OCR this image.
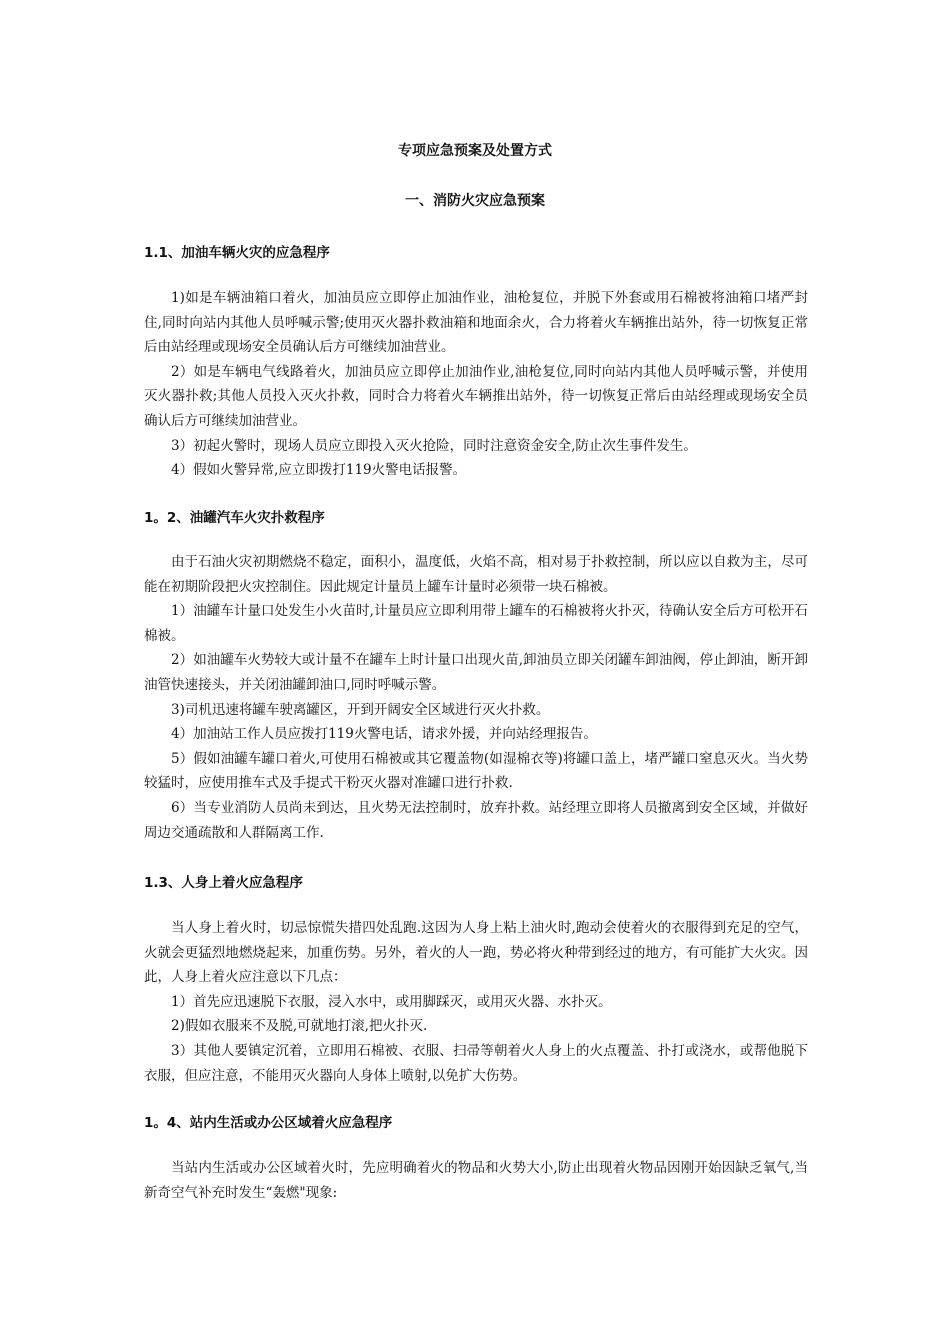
专项应急预案及处置方式
一、消防火灾应急预案
1.1、加油车辆火灾的应急程序

1)如是车辆油箱口着火，加油员应立即停止加油作业，油枪复位，并脱下外套或用石棉被将油箱口堵严封住,同时向站内其他人员呼喊示警;使用灭火器扑救油箱和地面余火，合力将着火车辆推出站外，待一切恢复正常后由站经理或现场安全员确认后方可继续加油营业。

2）如是车辆电气线路着火，加油员应立即停止加油作业,油枪复位,同时向站内其他人员呼喊示警，并使用灭火器扑救;其他人员投入灭火扑救，同时合力将着火车辆推出站外，待一切恢复正常后由站经理或现场安全员确认后方可继续加油营业。

3）初起火警时，现场人员应立即投入灭火抢险，同时注意资金安全,防止次生事件发生。

4）假如火警异常,应立即拨打119火警电话报警。

1。2、油罐汽车火灾扑救程序

由于石油火灾初期燃烧不稳定，面积小，温度低，火焰不高，相对易于扑救控制，所以应以自救为主，尽可能在初期阶段把火灾控制住。因此规定计量员上罐车计量时必须带一块石棉被。

1）油罐车计量口处发生小火苗时,计量员应立即利用带上罐车的石棉被将火扑灭，待确认安全后方可松开石棉被。

2）如油罐车火势较大或计量不在罐车上时计量口出现火苗,卸油员立即关闭罐车卸油阀，停止卸油，断开卸油管快速接头，并关闭油罐卸油口,同时呼喊示警。

3)司机迅速将罐车驶离罐区，开到开阔安全区域进行灭火扑救。

4）加油站工作人员应拨打119火警电话，请求外援，并向站经理报告。

5）假如油罐车罐口着火,可使用石棉被或其它覆盖物(如湿棉衣等)将罐口盖上，堵严罐口窒息灭火。当火势较猛时，应使用推车式及手提式干粉灭火器对准罐口进行扑救.

6）当专业消防人员尚未到达，且火势无法控制时，放弃扑救。站经理立即将人员撤离到安全区域，并做好周边交通疏散和人群隔离工作.

1.3、人身上着火应急程序

当人身上着火时，切忌惊慌失措四处乱跑.这因为人身上粘上油火时,跑动会使着火的衣服得到充足的空气，火就会更猛烈地燃烧起来，加重伤势。另外，着火的人一跑，势必将火种带到经过的地方，有可能扩大火灾。因此，人身上着火应注意以下几点：

1）首先应迅速脱下衣服，浸入水中，或用脚踩灭，或用灭火器、水扑灭。

2)假如衣服来不及脱,可就地打滚,把火扑灭.

3）其他人要镇定沉着，立即用石棉被、衣服、扫帚等朝着火人身上的火点覆盖、扑打或浇水，或帮他脱下衣服，但应注意，不能用灭火器向人身体上喷射,以免扩大伤势。

1。4、站内生活或办公区域着火应急程序

当站内生活或办公区域着火时，先应明确着火的物品和火势大小,防止出现着火物品因刚开始因缺乏氧气,当新奇空气补充时发生“轰燃"现象:
